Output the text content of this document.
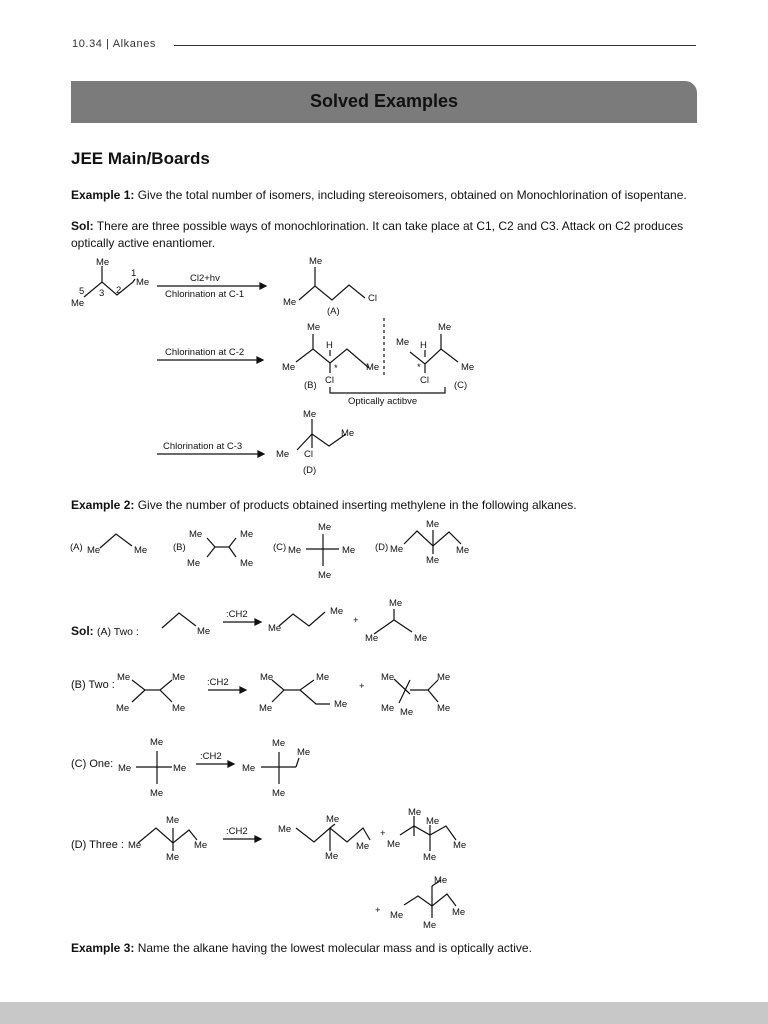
10.34 | Alkanes
Solved Examples
JEE Main/Boards
Example 1: Give the total number of isomers, including stereoisomers, obtained on Monochlorination of isopentane.
Sol: There are three possible ways of monochlorination. It can take place at C1, C2 and C3. Attack on C2 produces optically active enantiomer.
Me
1
Me
5 3 2
Me
Cl2+hv
Chlorination at C-1
Chlorination at C-2
Chlorination at C-3
Me
Me	Cl
(A)
Me
H
Me	*	Me
Cl
(B)
Me
Me H
*	Me
Cl	(C)
Optically actibve
Me
Me
Me Cl
(D)
Example 2: Give the number of products obtained inserting methylene in the following alkanes.
(A) Me	Me	(B)
Me	Me
Me	Me
(C)
Me
Me	Me
Me
(D) Me
Me
Me
Me
:CH2
Me
Me
Me
+
Me
Me	Me
Me	Me
Me	Me
:CH2	Me	Me
Me	Me
+
Me	Me
Me Me	Me
Me
Me	Me
Me
:CH2
Me
Me
Me
Me
Me
Me
Me
Me
:CH2	Me
Me
Me
Me
+
Me
Me
Me	Me
Me
Me
+ Me	Me
Me
Sol: (A) Two :
(B) Two :
(C) One:
(D) Three :
Example 3: Name the alkane having the lowest molecular mass and is optically active.
